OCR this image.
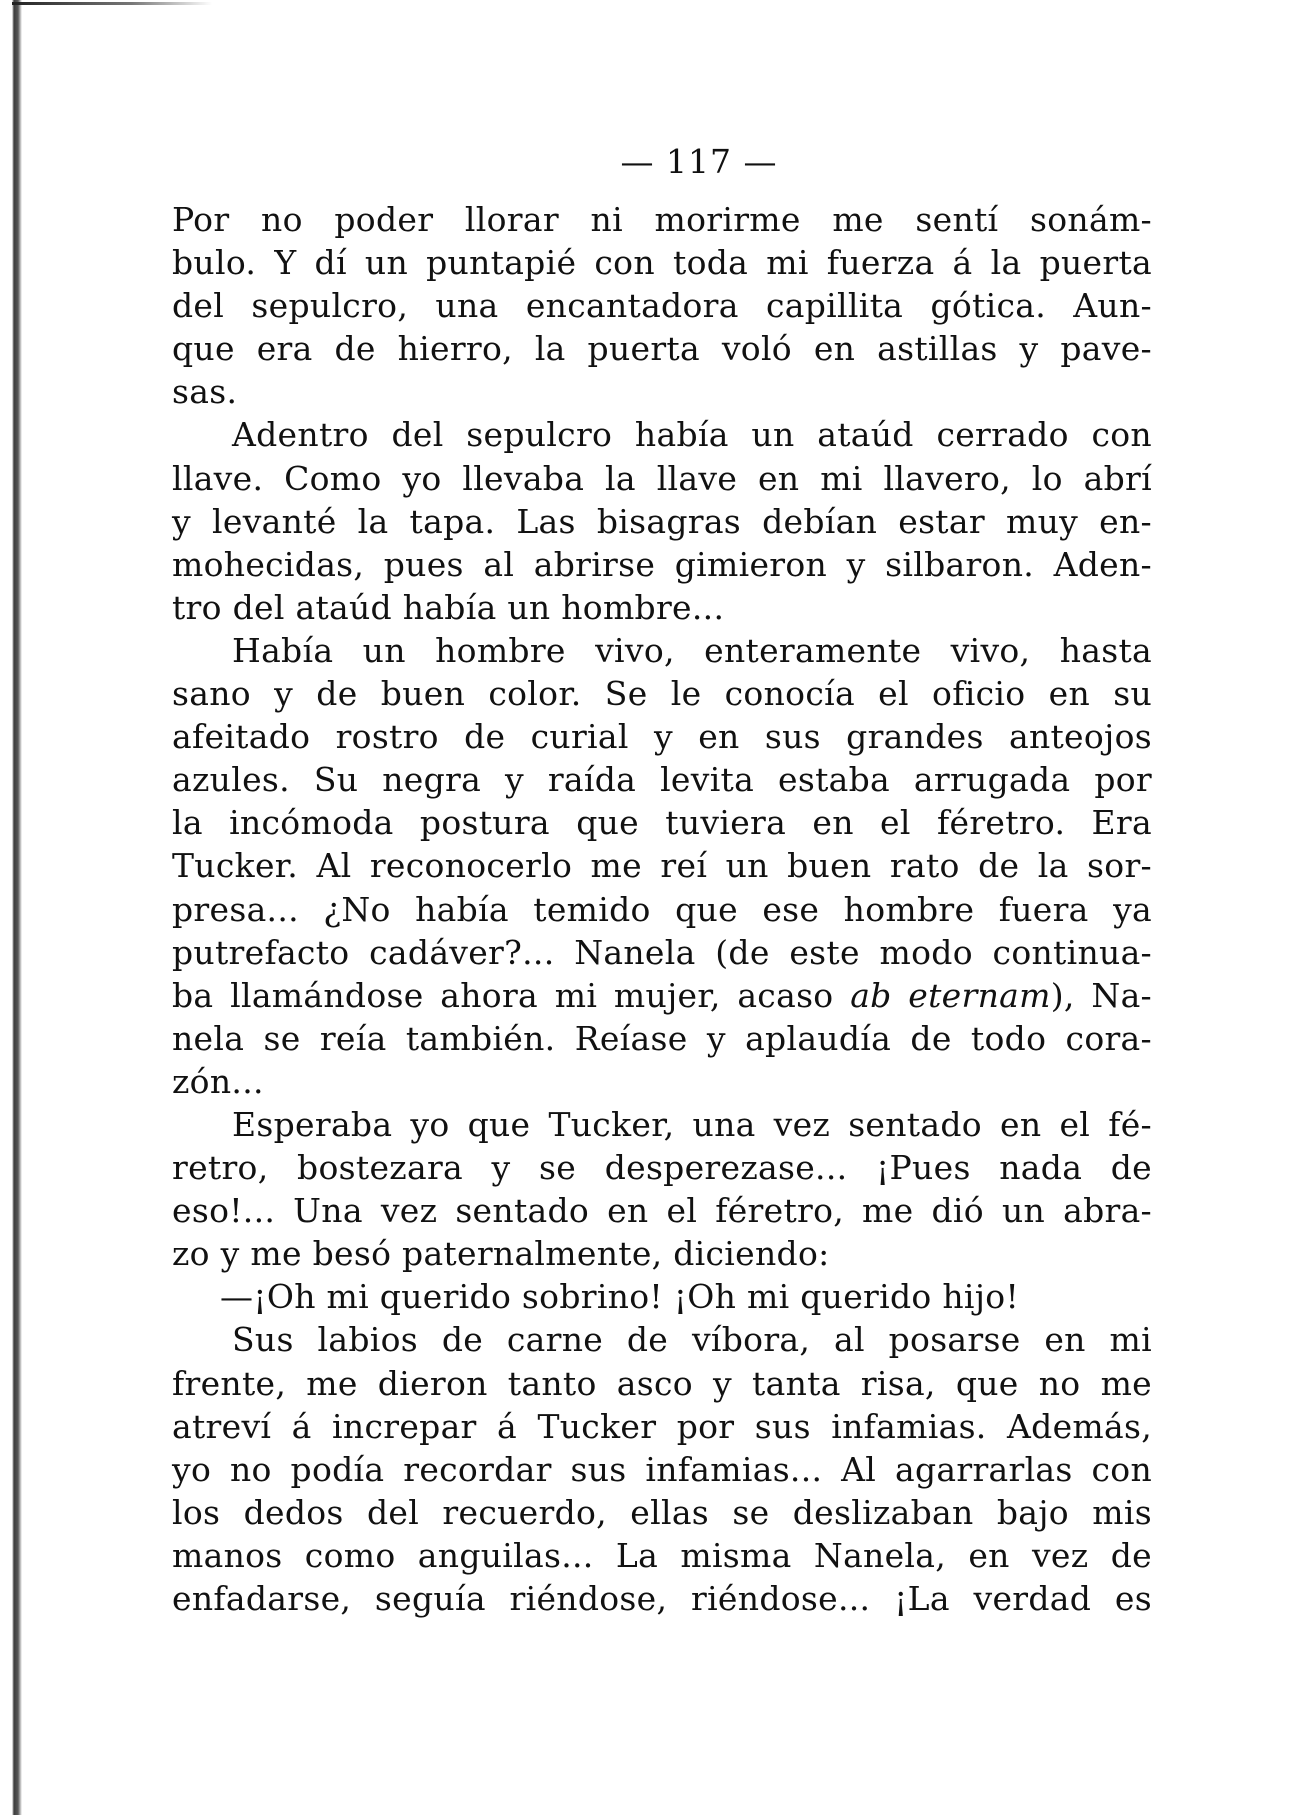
— 117 —
Por no poder llorar ni morirme me sentí sonám-
bulo. Y dí un puntapié con toda mi fuerza á la puerta
del sepulcro, una encantadora capillita gótica. Aun-
que era de hierro, la puerta voló en astillas y pave-
sas.
Adentro del sepulcro había un ataúd cerrado con
llave. Como yo llevaba la llave en mi llavero, lo abrí
y levanté la tapa. Las bisagras debían estar muy en-
mohecidas, pues al abrirse gimieron y silbaron. Aden-
tro del ataúd había un hombre...
Había un hombre vivo, enteramente vivo, hasta
sano y de buen color. Se le conocía el oficio en su
afeitado rostro de curial y en sus grandes anteojos
azules. Su negra y raída levita estaba arrugada por
la incómoda postura que tuviera en el féretro. Era
Tucker. Al reconocerlo me reí un buen rato de la sor-
presa... ¿No había temido que ese hombre fuera ya
putrefacto cadáver?... Nanela (de este modo continua-
ba llamándose ahora mi mujer, acaso ab eternam), Na-
nela se reía también. Reíase y aplaudía de todo cora-
zón...
Esperaba yo que Tucker, una vez sentado en el fé-
retro, bostezara y se desperezase... ¡Pues nada de
eso!... Una vez sentado en el féretro, me dió un abra-
zo y me besó paternalmente, diciendo:
—¡Oh mi querido sobrino! ¡Oh mi querido hijo!
Sus labios de carne de víbora, al posarse en mi
frente, me dieron tanto asco y tanta risa, que no me
atreví á increpar á Tucker por sus infamias. Además,
yo no podía recordar sus infamias... Al agarrarlas con
los dedos del recuerdo, ellas se deslizaban bajo mis
manos como anguilas... La misma Nanela, en vez de
enfadarse, seguía riéndose, riéndose... ¡La verdad es
